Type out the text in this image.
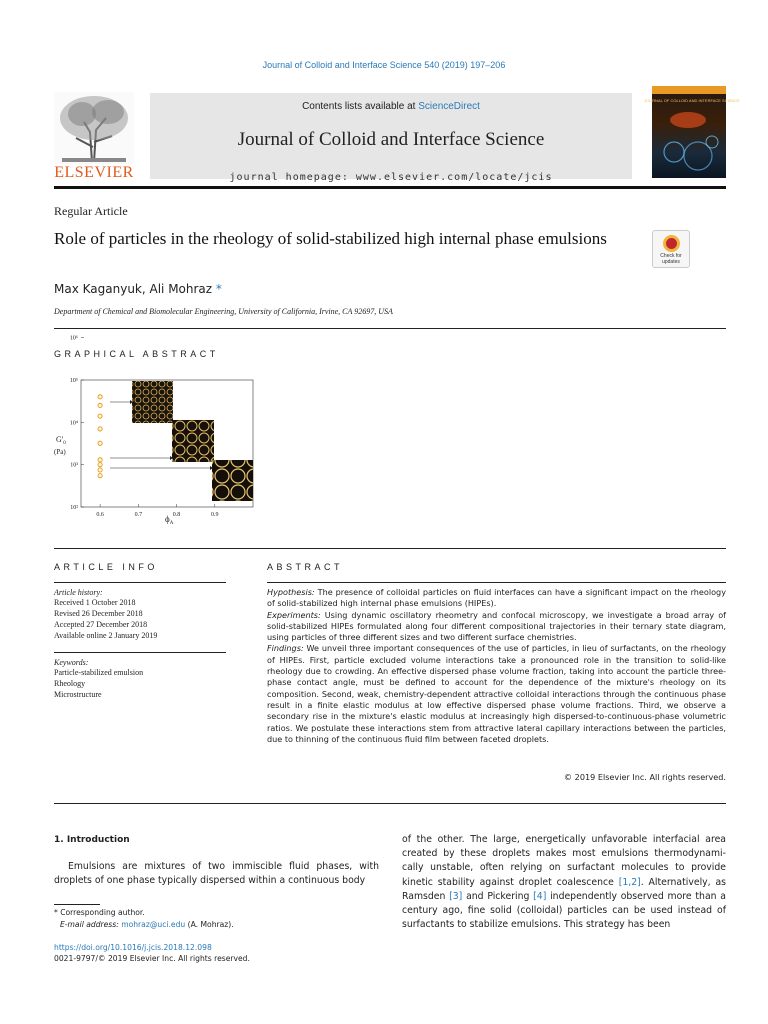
Journal of Colloid and Interface Science 540 (2019) 197–206
ELSEVIER
Contents lists available at ScienceDirect
Journal of Colloid and Interface Science
journal homepage: www.elsevier.com/locate/jcis
JOURNAL OF COLLOID AND INTERFACE SCIENCE
Regular Article
Role of particles in the rheology of solid-stabilized high internal phase emulsions
Check for updates
Max Kaganyuk, Ali Mohraz *
Department of Chemical and Biomolecular Engineering, University of California, Irvine, CA 92697, USA
GRAPHICAL ABSTRACT
10²
10³
10⁴
10⁵
10⁶
0.6	0.7	0.8	0.9
$G'_0$
(Pa)
$\phi_A$
ARTICLE INFO	ABSTRACT
Article history:
Received 1 October 2018
Revised 26 December 2018
Accepted 27 December 2018
Available online 2 January 2019
Keywords:
Particle-stabilized emulsion
Rheology
Microstructure

Hypothesis: The presence of colloidal particles on fluid interfaces can have a significant impact on the rheology of solid-stabilized high internal phase emulsions (HIPEs).

Experiments: Using dynamic oscillatory rheometry and confocal microscopy, we investigate a broad array of solid-stabilized HIPEs formulated along four different compositional trajectories in their ternary state diagram, using particles of three different sizes and two different surface chemistries.

Findings: We unveil three important consequences of the use of particles, in lieu of surfactants, on the rheology of HIPEs. First, particle excluded volume interactions take a pronounced role in the transition to solid-like rheology due to crowding. An effective dispersed phase volume fraction, taking into account the particle three-phase contact angle, must be defined to account for the dependence of the mixture's rheology on its composition. Second, weak, chemistry-dependent attractive colloidal interactions through the continuous phase result in a finite elastic modulus at low effective dispersed phase volume fractions. Third, we observe a secondary rise in the mixture's elastic modulus at increasingly high dispersed-to-continuous-phase volumetric ratios. We postulate these interactions stem from attractive lateral capillary interactions between the particles, due to thinning of the continuous fluid film between faceted droplets.

© 2019 Elsevier Inc. All rights reserved.
1. Introduction
Emulsions are mixtures of two immiscible fluid phases, with droplets of one phase typically dispersed within a continuous body
of the other. The large, energetically unfavorable interfacial area created by these droplets makes most emulsions thermodynami-cally unstable, often relying on surfactant molecules to provide kinetic stability against droplet coalescence [1,2]. Alternatively, as Ramsden [3] and Pickering [4] independently observed more than a century ago, fine solid (colloidal) particles can be used instead of surfactants to stabilize emulsions. This strategy has been
* Corresponding author.
E-mail address: mohraz@uci.edu (A. Mohraz).
https://doi.org/10.1016/j.jcis.2018.12.098
0021-9797/© 2019 Elsevier Inc. All rights reserved.
